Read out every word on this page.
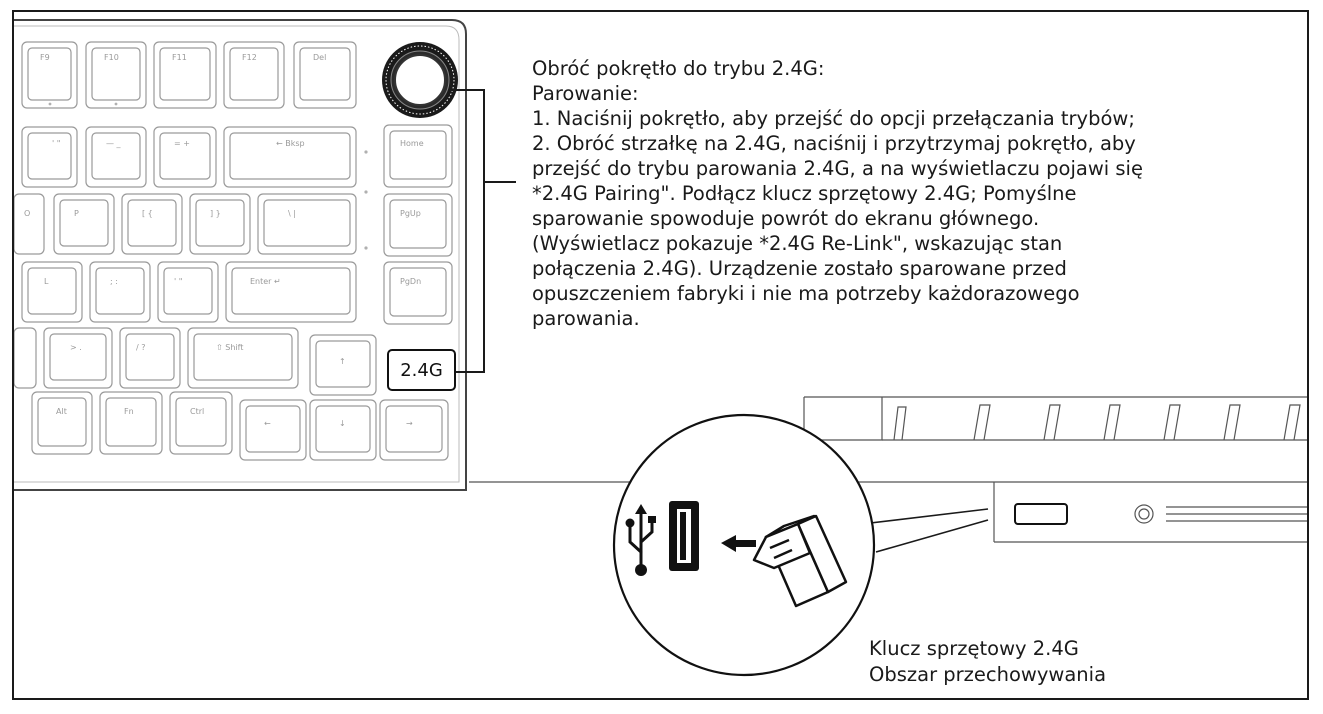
F9	F10	F11	F12	Del
' "	— _	= +	← Bksp	Home
O	P	[ {	] }	\ |	PgUp
L	; :	' "	Enter ↵	PgDn
> .	/ ?	⇧ Shift
↑
Alt	Fn	Ctrl
←	↓	→
2.4G
Obróć pokrętło do trybu 2.4G:
Parowanie:
1. Naciśnij pokrętło, aby przejść do opcji przełączania trybów;
2. Obróć strzałkę na 2.4G, naciśnij i przytrzymaj pokrętło, aby
przejść do trybu parowania 2.4G, a na wyświetlaczu pojawi się
*2.4G Pairing". Podłącz klucz sprzętowy 2.4G; Pomyślne
sparowanie spowoduje powrót do ekranu głównego.
(Wyświetlacz pokazuje *2.4G Re-Link", wskazując stan
połączenia 2.4G). Urządzenie zostało sparowane przed
opuszczeniem fabryki i nie ma potrzeby każdorazowego
parowania.
Klucz sprzętowy 2.4G
Obszar przechowywania
